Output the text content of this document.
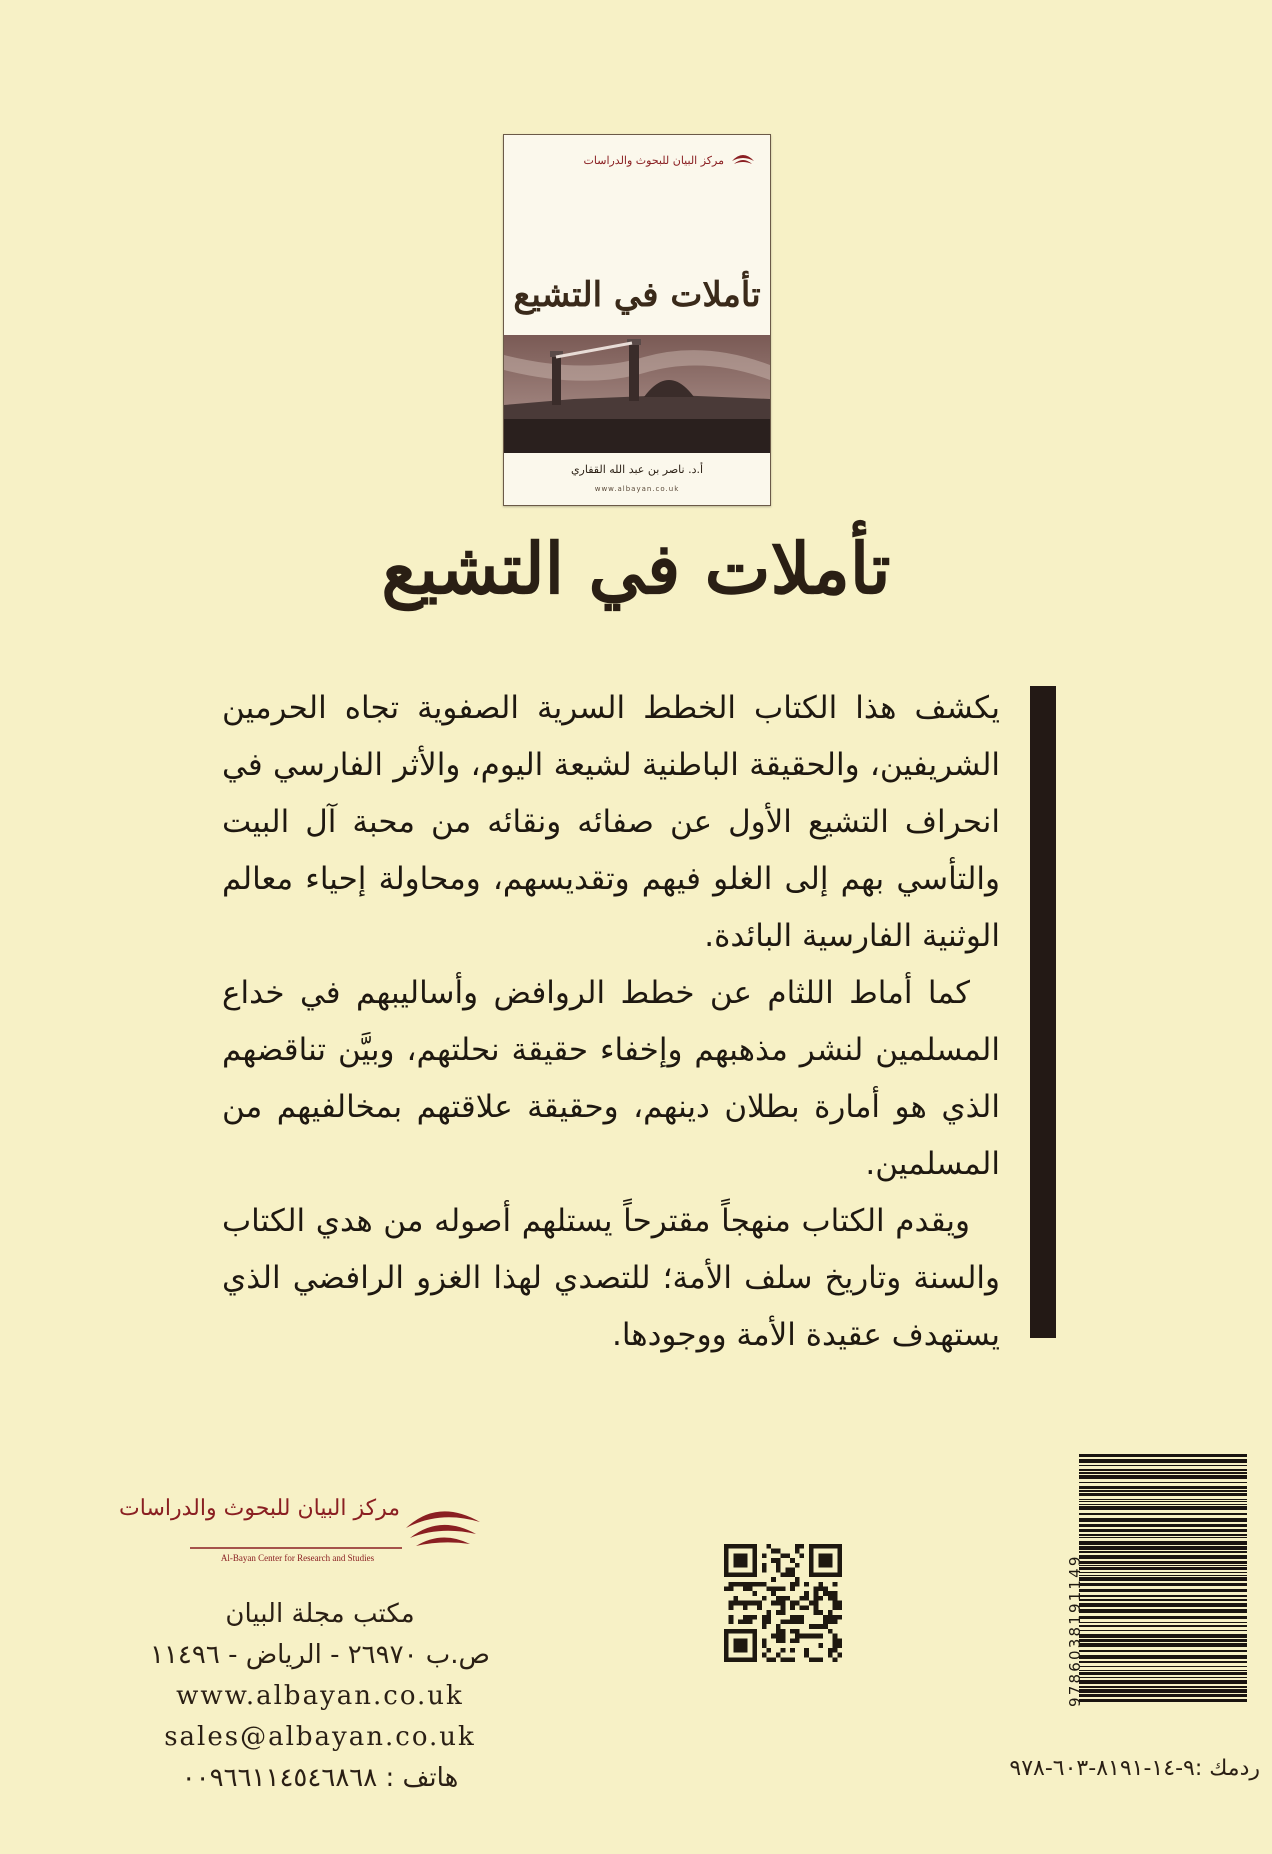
مركز البيان للبحوث والدراسات
تأملات في التشيع
أ.د. ناصر بن عبد الله القفاري
www.albayan.co.uk
تأملات في التشيع

يكشف هذا الكتاب الخطط السرية الصفوية تجاه الحرمين الشريفين، والحقيقة الباطنية لشيعة اليوم، والأثر الفارسي في انحراف التشيع الأول عن صفائه ونقائه من محبة آل البيت والتأسي بهم إلى الغلو فيهم وتقديسهم، ومحاولة إحياء معالم الوثنية الفارسية البائدة.

كما أماط اللثام عن خطط الروافض وأساليبهم في خداع المسلمين لنشر مذهبهم وإخفاء حقيقة نحلتهم، وبيَّن تناقضهم الذي هو أمارة بطلان دينهم، وحقيقة علاقتهم بمخالفيهم من المسلمين.

ويقدم الكتاب منهجاً مقترحاً يستلهم أصوله من هدي الكتاب والسنة وتاريخ سلف الأمة؛ للتصدي لهذا الغزو الرافضي الذي يستهدف عقيدة الأمة ووجودها.

مركز البيان للبحوث والدراسات
Al-Bayan Center for Research and Studies
مكتب مجلة البيان
ص.ب ٢٦٩٧٠ - الرياض - ١١٤٩٦
www.albayan.co.uk
sales@albayan.co.uk
هاتف : ٠٠٩٦٦١١٤٥٤٦٨٦٨
9786038191149
ردمك :٩-١٤-٨١٩١-٦٠٣-٩٧٨
